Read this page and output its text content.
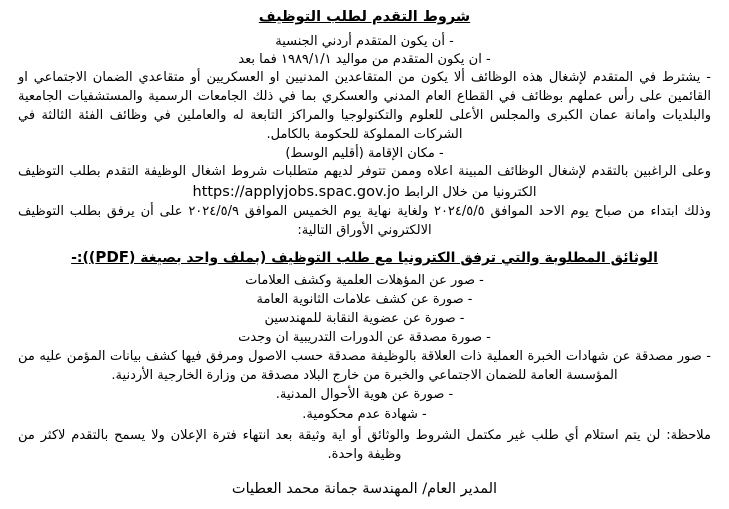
شروط التقدم لطلب التوظيف
- أن يكون المتقدم أردني الجنسية
- ان يكون المتقدم من مواليد ١٩٨٩/١/١ فما بعد
- يشترط في المتقدم لإشغال هذه الوظائف ألا يكون من المتقاعدين المدنيين او العسكريين أو متقاعدي الضمان الاجتماعي او القائمين على رأس عملهم بوظائف في القطاع العام المدني والعسكري بما في ذلك الجامعات الرسمية والمستشفيات الجامعية والبلديات وامانة عمان الكبرى والمجلس الأعلى للعلوم والتكنولوجيا والمراكز التابعة له والعاملين في وظائف الفئة الثالثة في الشركات المملوكة للحكومة بالكامل.
- مكان الإقامة (أقليم الوسط)
وعلى الراغبين بالتقدم لإشغال الوظائف المبينة اعلاه وممن تتوفر لديهم متطلبات شروط اشغال الوظيفة التقدم بطلب التوظيف الكترونيا من خلال الرابط https://applyjobs.spac.gov.jo
وذلك ابتداء من صباح يوم الاحد الموافق ٢٠٢٤/٥/٥ ولغاية نهاية يوم الخميس الموافق ٢٠٢٤/٥/٩ على أن يرفق بطلب التوظيف الالكتروني الأوراق التالية:
الوثائق المطلوبة والتي ترفق الكترونيا مع طلب التوظيف (بملف واحد بصيغة (PDF)):-
- صور عن المؤهلات العلمية وكشف العلامات
- صورة عن كشف علامات الثانوية العامة
- صورة عن عضوية النقابة للمهندسين
- صورة مصدقة عن الدورات التدريبية ان وجدت
- صور مصدقة عن شهادات الخبرة العملية ذات العلاقة بالوظيفة مصدقة حسب الاصول ومرفق فيها كشف بيانات المؤمن عليه من المؤسسة العامة للضمان الاجتماعي والخبرة من خارج البلاد مصدقة من وزارة الخارجية الأردنية.
- صورة عن هوية الأحوال المدنية.
- شهادة عدم محكومية.
ملاحظة: لن يتم استلام أي طلب غير مكتمل الشروط والوثائق أو اية وثيقة بعد انتهاء فترة الإعلان ولا يسمح بالتقدم لاكثر من وظيفة واحدة.
المدير العام/ المهندسة جمانة محمد العطيات
